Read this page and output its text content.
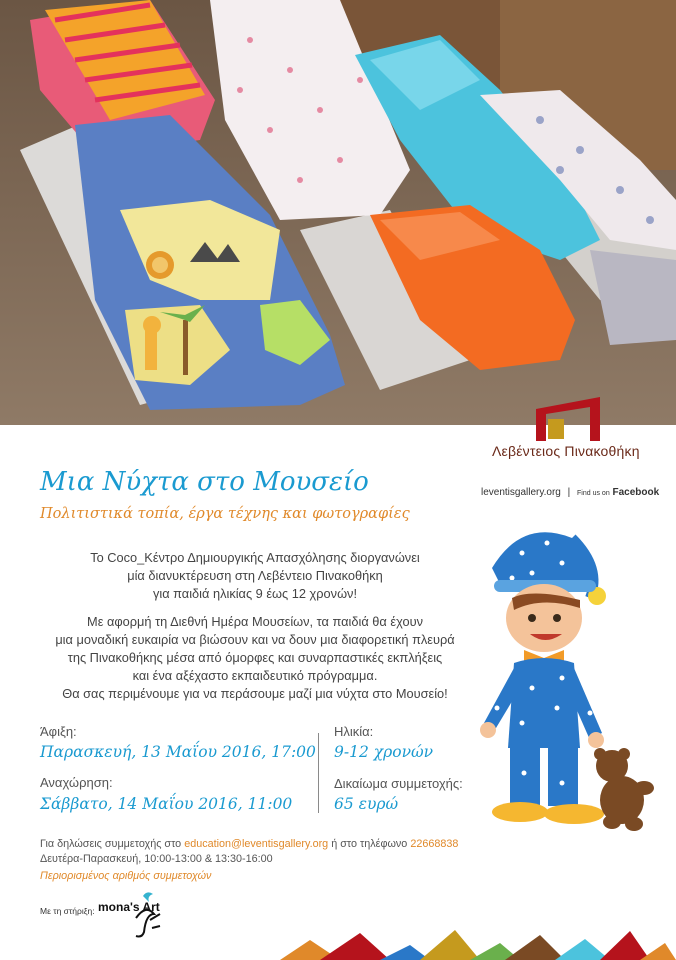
Λεβέντειος Πινακοθήκη
leventisgallery.org | Find us on Facebook
Μια Νύχτα στο Μουσείο
Πολιτιστικά τοπία, έργα τέχνης και φωτογραφίες
Το Coco_Κέντρο Δημιουργικής Απασχόλησης διοργανώνει
μία διανυκτέρευση στη Λεβέντειο Πινακοθήκη
για παιδιά ηλικίας 9 έως 12 χρονών!
Με αφορμή τη Διεθνή Ημέρα Μουσείων, τα παιδιά θα έχουν
μια μοναδική ευκαιρία να βιώσουν και να δουν μια διαφορετική πλευρά
της Πινακοθήκης μέσα από όμορφες και συναρπαστικές εκπλήξεις
και ένα αξέχαστο εκπαιδευτικό πρόγραμμα.
Θα σας περιμένουμε για να περάσουμε μαζί μια νύχτα στο Μουσείο!
Άφιξη:
Παρασκευή, 13 Μαΐου 2016, 17:00
Αναχώρηση:
Σάββατο, 14 Μαΐου 2016, 11:00
Ηλικία:
9-12 χρονών
Δικαίωμα συμμετοχής:
65 ευρώ
Για δηλώσεις συμμετοχής στο education@leventisgallery.org ή στο τηλέφωνο 22668838
Δευτέρα-Παρασκευή, 10:00-13:00 & 13:30-16:00
Περιορισμένος αριθμός συμμετοχών
Με τη στήριξη: mona's Art
